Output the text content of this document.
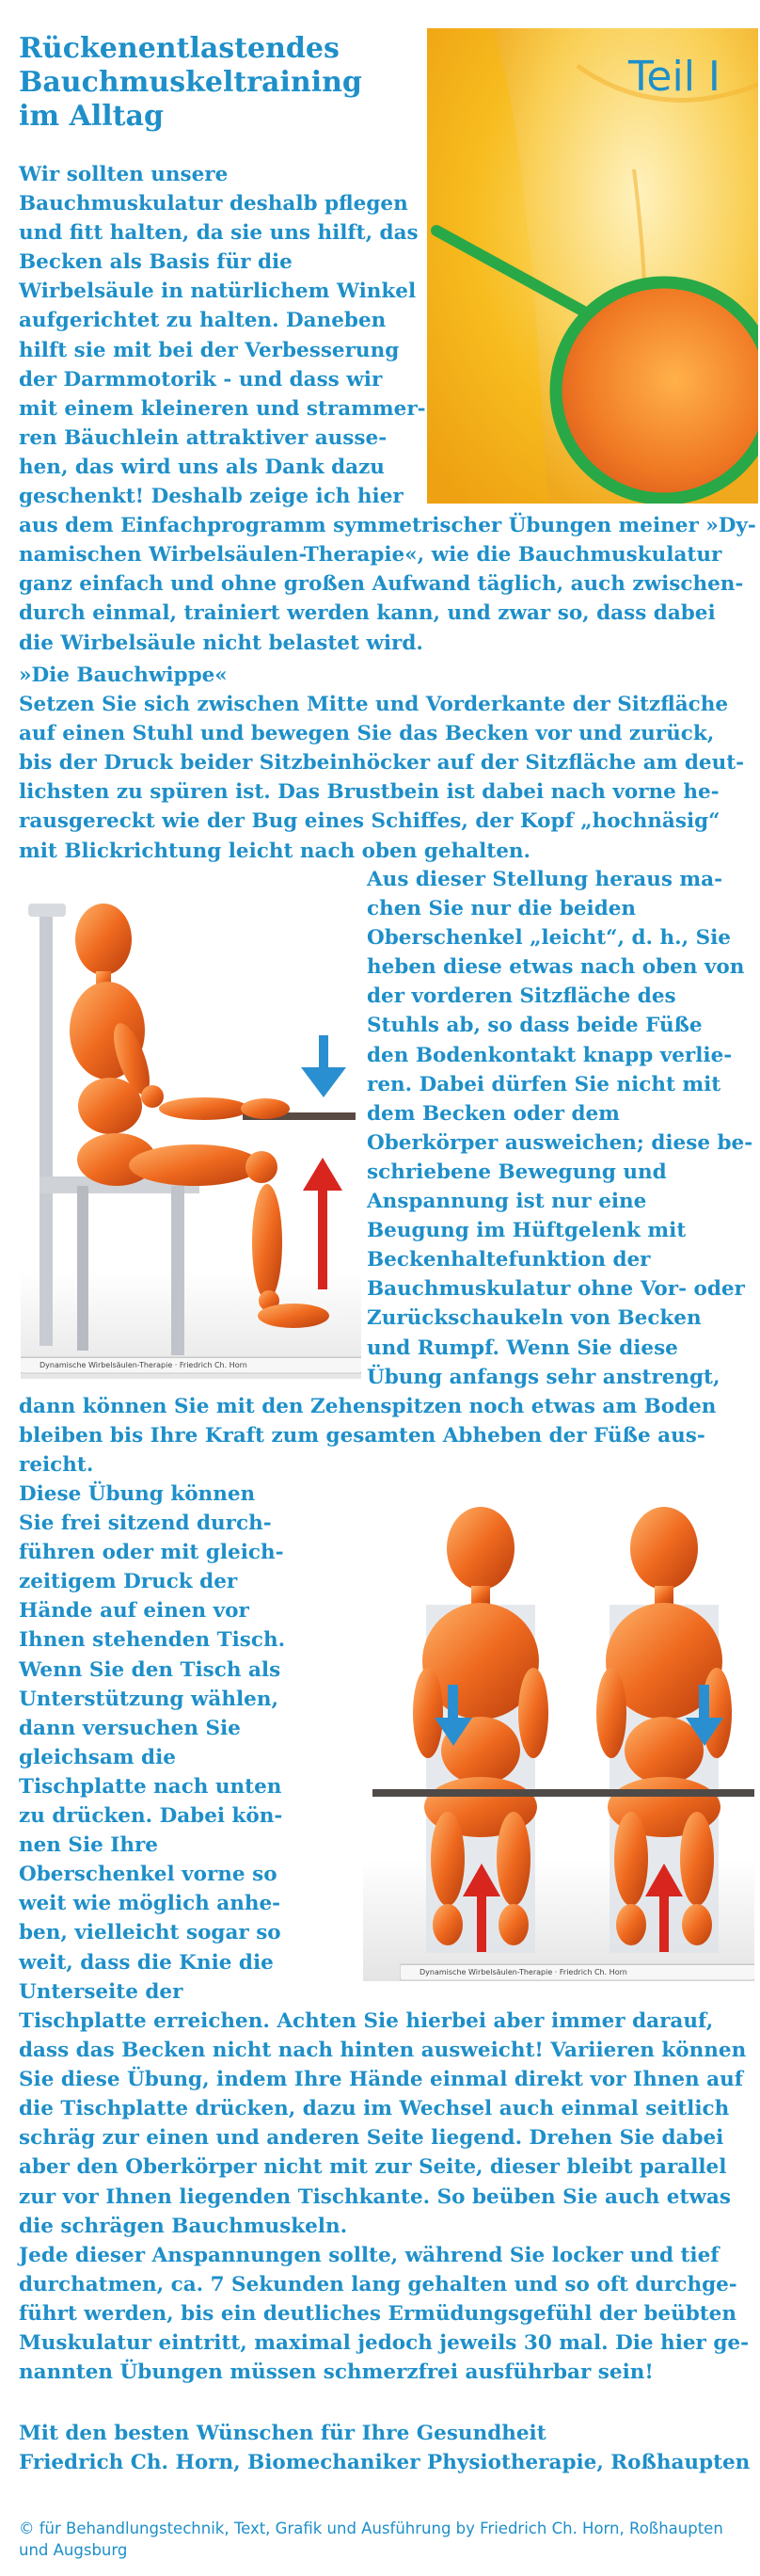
Rückenentlastendes
Bauchmuskeltraining
im Alltag
Teil I

Wir sollten unsere

Bauchmuskulatur deshalb pflegen

und fitt halten, da sie uns hilft, das

Becken als Basis für die

Wirbelsäule in natürlichem Winkel

aufgerichtet zu halten. Daneben

hilft sie mit bei der Verbesserung

der Darmmotorik - und dass wir

mit einem kleineren und strammer-

ren Bäuchlein attraktiver ausse-

hen, das wird uns als Dank dazu

geschenkt! Deshalb zeige ich hier

aus dem Einfachprogramm symmetrischer Übungen meiner »Dy-

namischen Wirbelsäulen-Therapie«, wie die Bauchmuskulatur

ganz einfach und ohne großen Aufwand täglich, auch zwischen-

durch einmal, trainiert werden kann, und zwar so, dass dabei

die Wirbelsäule nicht belastet wird.

»Die Bauchwippe«

Setzen Sie sich zwischen Mitte und Vorderkante der Sitzfläche

auf einen Stuhl und bewegen Sie das Becken vor und zurück,

bis der Druck beider Sitzbeinhöcker auf der Sitzfläche am deut-

lichsten zu spüren ist. Das Brustbein ist dabei nach vorne he-

rausgereckt wie der Bug eines Schiffes, der Kopf „hochnäsig“

mit Blickrichtung leicht nach oben gehalten.

Dynamische Wirbelsäulen-Therapie · Friedrich Ch. Horn

Aus dieser Stellung heraus ma-

chen Sie nur die beiden

Oberschenkel „leicht“, d. h., Sie

heben diese etwas nach oben von

der vorderen Sitzfläche des

Stuhls ab, so dass beide Füße

den Bodenkontakt knapp verlie-

ren. Dabei dürfen Sie nicht mit

dem Becken oder dem

Oberkörper ausweichen; diese be-

schriebene Bewegung und

Anspannung ist nur eine

Beugung im Hüftgelenk mit

Beckenhaltefunktion der

Bauchmuskulatur ohne Vor- oder

Zurückschaukeln von Becken

und Rumpf. Wenn Sie diese

Übung anfangs sehr anstrengt,

dann können Sie mit den Zehenspitzen noch etwas am Boden

bleiben bis Ihre Kraft zum gesamten Abheben der Füße aus-

reicht.

Diese Übung können

Sie frei sitzend durch-

führen oder mit gleich-

zeitigem Druck der

Hände auf einen vor

Ihnen stehenden Tisch.

Wenn Sie den Tisch als

Unterstützung wählen,

dann versuchen Sie

gleichsam die

Tischplatte nach unten

zu drücken. Dabei kön-

nen Sie Ihre

Oberschenkel vorne so

weit wie möglich anhe-

ben, vielleicht sogar so

weit, dass die Knie die

Unterseite der

Dynamische Wirbelsäulen-Therapie · Friedrich Ch. Horn

Tischplatte erreichen. Achten Sie hierbei aber immer darauf,

dass das Becken nicht nach hinten ausweicht! Variieren können

Sie diese Übung, indem Ihre Hände einmal direkt vor Ihnen auf

die Tischplatte drücken, dazu im Wechsel auch einmal seitlich

schräg zur einen und anderen Seite liegend. Drehen Sie dabei

aber den Oberkörper nicht mit zur Seite, dieser bleibt parallel

zur vor Ihnen liegenden Tischkante. So beüben Sie auch etwas

die schrägen Bauchmuskeln.

Jede dieser Anspannungen sollte, während Sie locker und tief

durchatmen, ca. 7 Sekunden lang gehalten und so oft durchge-

führt werden, bis ein deutliches Ermüdungsgefühl der beübten

Muskulatur eintritt, maximal jedoch jeweils 30 mal. Die hier ge-

nannten Übungen müssen schmerzfrei ausführbar sein!

Mit den besten Wünschen für Ihre Gesundheit

Friedrich Ch. Horn, Biomechaniker Physiotherapie, Roßhaupten

© für Behandlungstechnik, Text, Grafik und Ausführung by Friedrich Ch. Horn, Roßhaupten
und Augsburg
